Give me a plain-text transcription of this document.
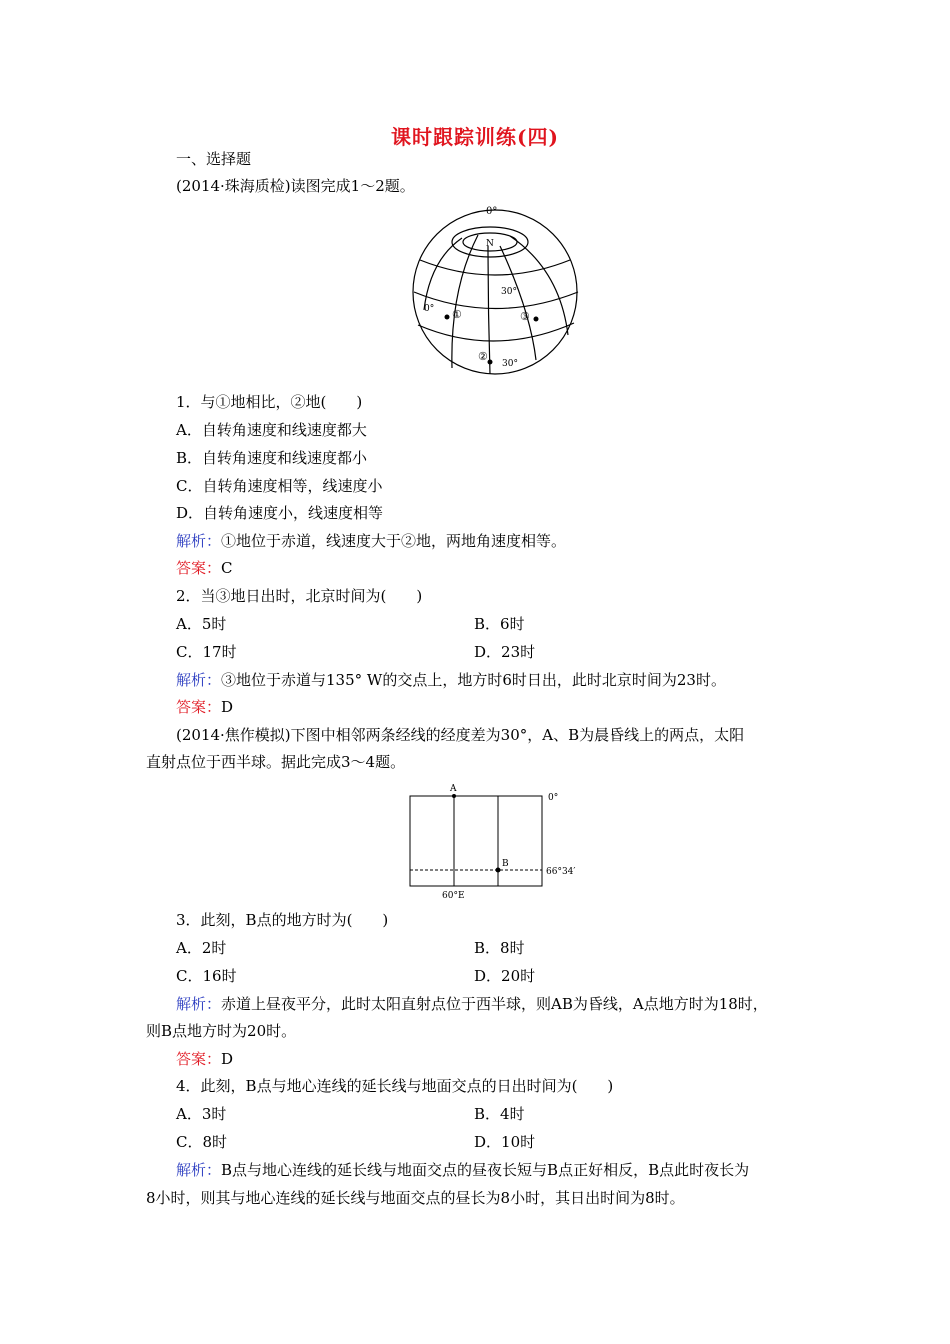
课时跟踪训练(四)
一、选择题
(2014·珠海质检)读图完成1～2题。
0°
N
30°
0° ①
②
③
30°
1．与①地相比，②地(　　)
A．自转角速度和线速度都大
B．自转角速度和线速度都小
C．自转角速度相等，线速度小
D．自转角速度小，线速度相等
解析：①地位于赤道，线速度大于②地，两地角速度相等。
答案：C
2．当③地日出时，北京时间为(　　)
A．5时	B．6时
C．17时	D．23时
解析：③地位于赤道与135° W的交点上，地方时6时日出，此时北京时间为23时。
答案：D
(2014·焦作模拟)下图中相邻两条经线的经度差为30°，A、B为晨昏线上的两点，太阳
直射点位于西半球。据此完成3～4题。
A
B
0°
66°34′
60°E
3．此刻，B点的地方时为(　　)
A．2时	B．8时
C．16时	D．20时
解析：赤道上昼夜平分，此时太阳直射点位于西半球，则AB为昏线，A点地方时为18时，
则B点地方时为20时。
答案：D
4．此刻，B点与地心连线的延长线与地面交点的日出时间为(　　)
A．3时	B．4时
C．8时	D．10时
解析：B点与地心连线的延长线与地面交点的昼夜长短与B点正好相反，B点此时夜长为
8小时，则其与地心连线的延长线与地面交点的昼长为8小时，其日出时间为8时。
